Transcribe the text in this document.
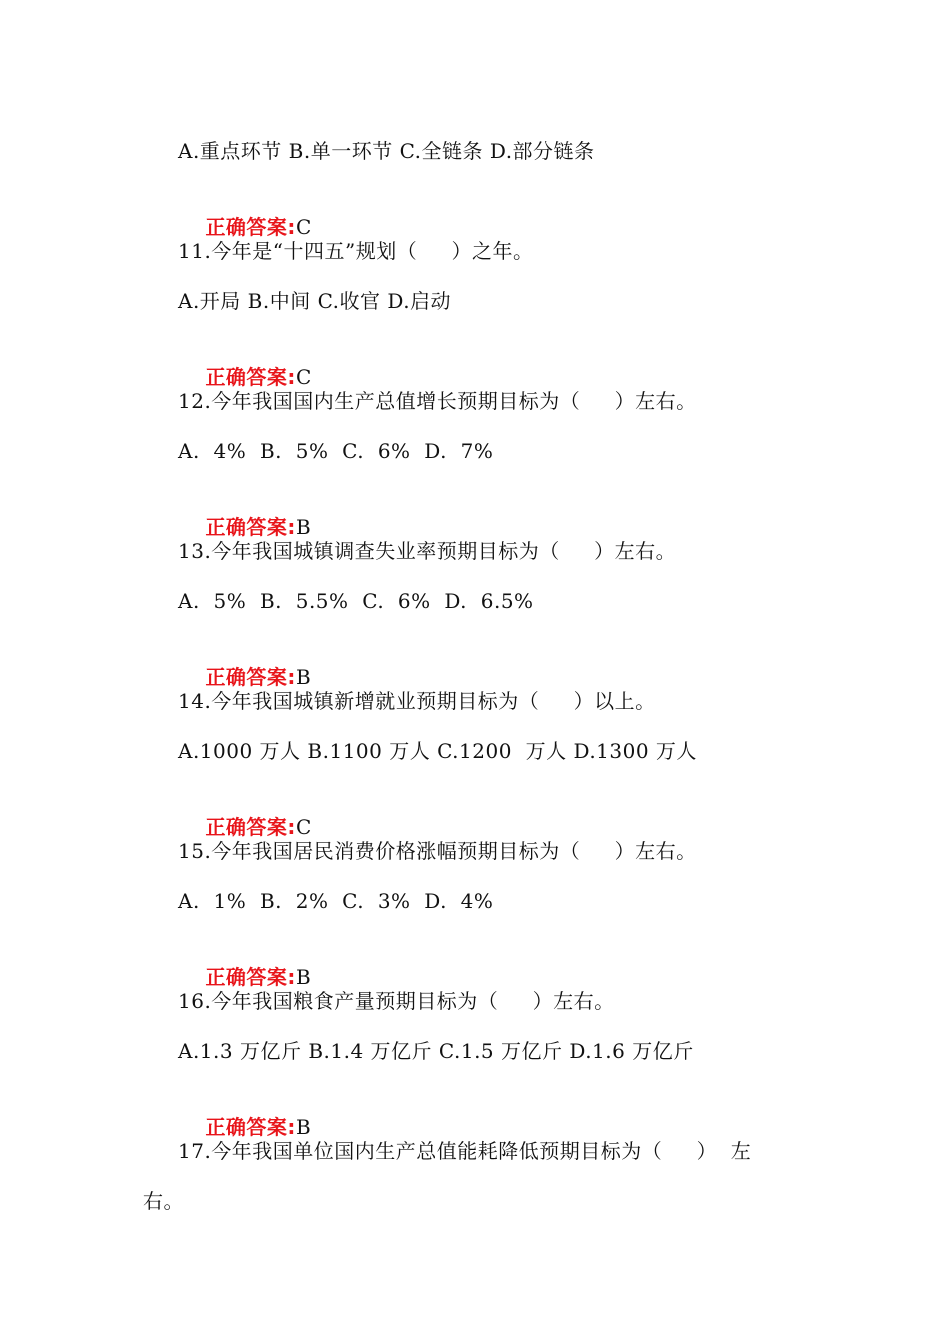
A.重点环节 B.单一环节 C.全链条 D.部分链条

正确答案:C

11.今年是“十四五”规划（     ）之年。
A.开局 B.中间 C.收官 D.启动

正确答案:C

12.今年我国国内生产总值增长预期目标为（     ）左右。
A.  4%  B.  5%  C.  6%  D.  7%

正确答案:B

13.今年我国城镇调查失业率预期目标为（     ）左右。
A.  5%  B.  5.5%  C.  6%  D.  6.5%

正确答案:B

14.今年我国城镇新增就业预期目标为（     ）以上。
A.1000 万人 B.1100 万人 C.1200  万人 D.1300 万人

正确答案:C

15.今年我国居民消费价格涨幅预期目标为（     ）左右。
A.  1%  B.  2%  C.  3%  D.  4%

正确答案:B

16.今年我国粮食产量预期目标为（     ）左右。
A.1.3 万亿斤 B.1.4 万亿斤 C.1.5 万亿斤 D.1.6 万亿斤

正确答案:B

17.今年我国单位国内生产总值能耗降低预期目标为（     ）  左
右。
